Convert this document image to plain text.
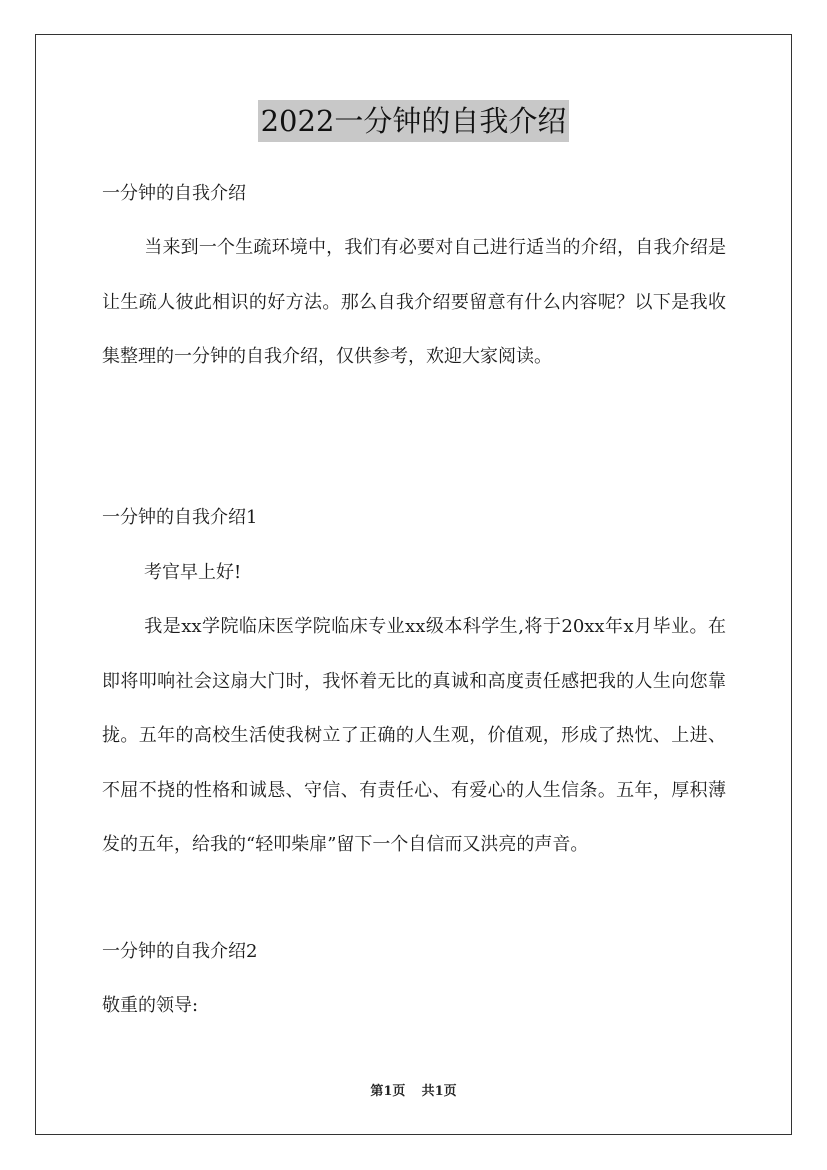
2022一分钟的自我介绍
一分钟的自我介绍

当来到一个生疏环境中，我们有必要对自己进行适当的介绍，自我介绍是让生疏人彼此相识的好方法。那么自我介绍要留意有什么内容呢？以下是我收集整理的一分钟的自我介绍，仅供参考，欢迎大家阅读。

一分钟的自我介绍1
考官早上好!

我是xx学院临床医学院临床专业xx级本科学生,将于20xx年x月毕业。在即将叩响社会这扇大门时，我怀着无比的真诚和高度责任感把我的人生向您靠拢。五年的高校生活使我树立了正确的人生观，价值观，形成了热忱、上进、不屈不挠的性格和诚恳、守信、有责任心、有爱心的人生信条。五年，厚积薄发的五年，给我的“轻叩柴扉”留下一个自信而又洪亮的声音。

一分钟的自我介绍2
敬重的领导:
第1页 共1页
